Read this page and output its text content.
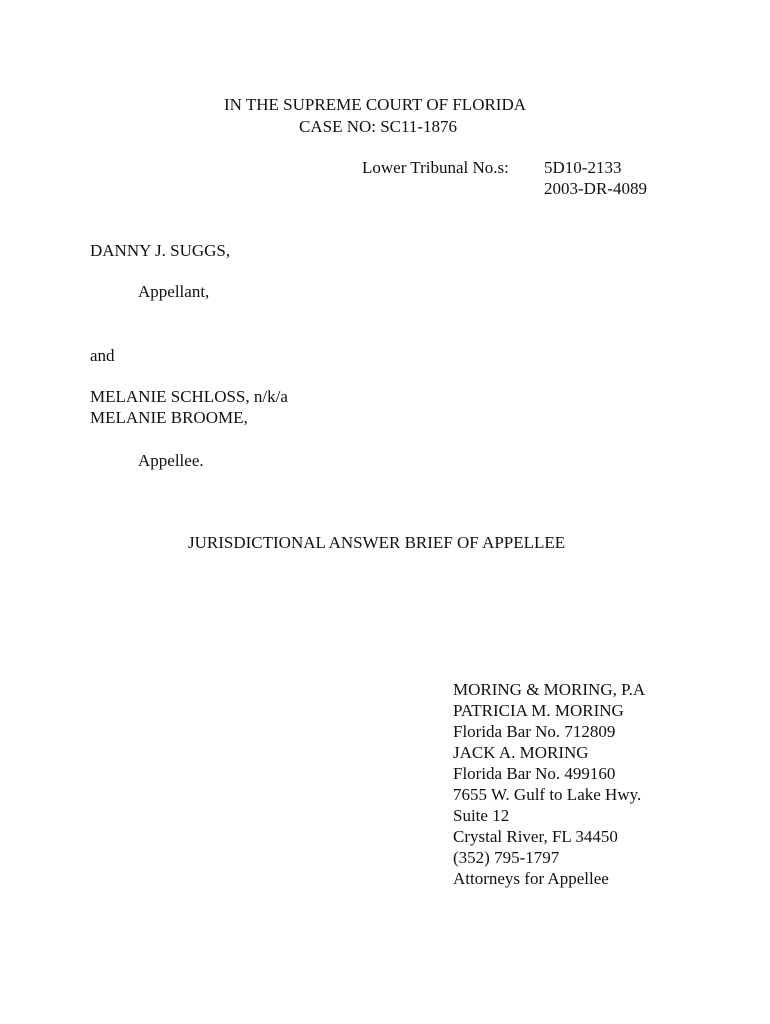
IN THE SUPREME COURT OF FLORIDA
CASE NO: SC11-1876
Lower Tribunal No.s: 5D10-2133
2003-DR-4089
DANNY J. SUGGS,
Appellant,
and
MELANIE SCHLOSS, n/k/a
MELANIE BROOME,
Appellee.
JURISDICTIONAL ANSWER BRIEF OF APPELLEE
MORING & MORING, P.A
PATRICIA M. MORING
Florida Bar No. 712809
JACK A. MORING
Florida Bar No. 499160
7655 W. Gulf to Lake Hwy.
Suite 12
Crystal River, FL 34450
(352) 795-1797
Attorneys for Appellee
